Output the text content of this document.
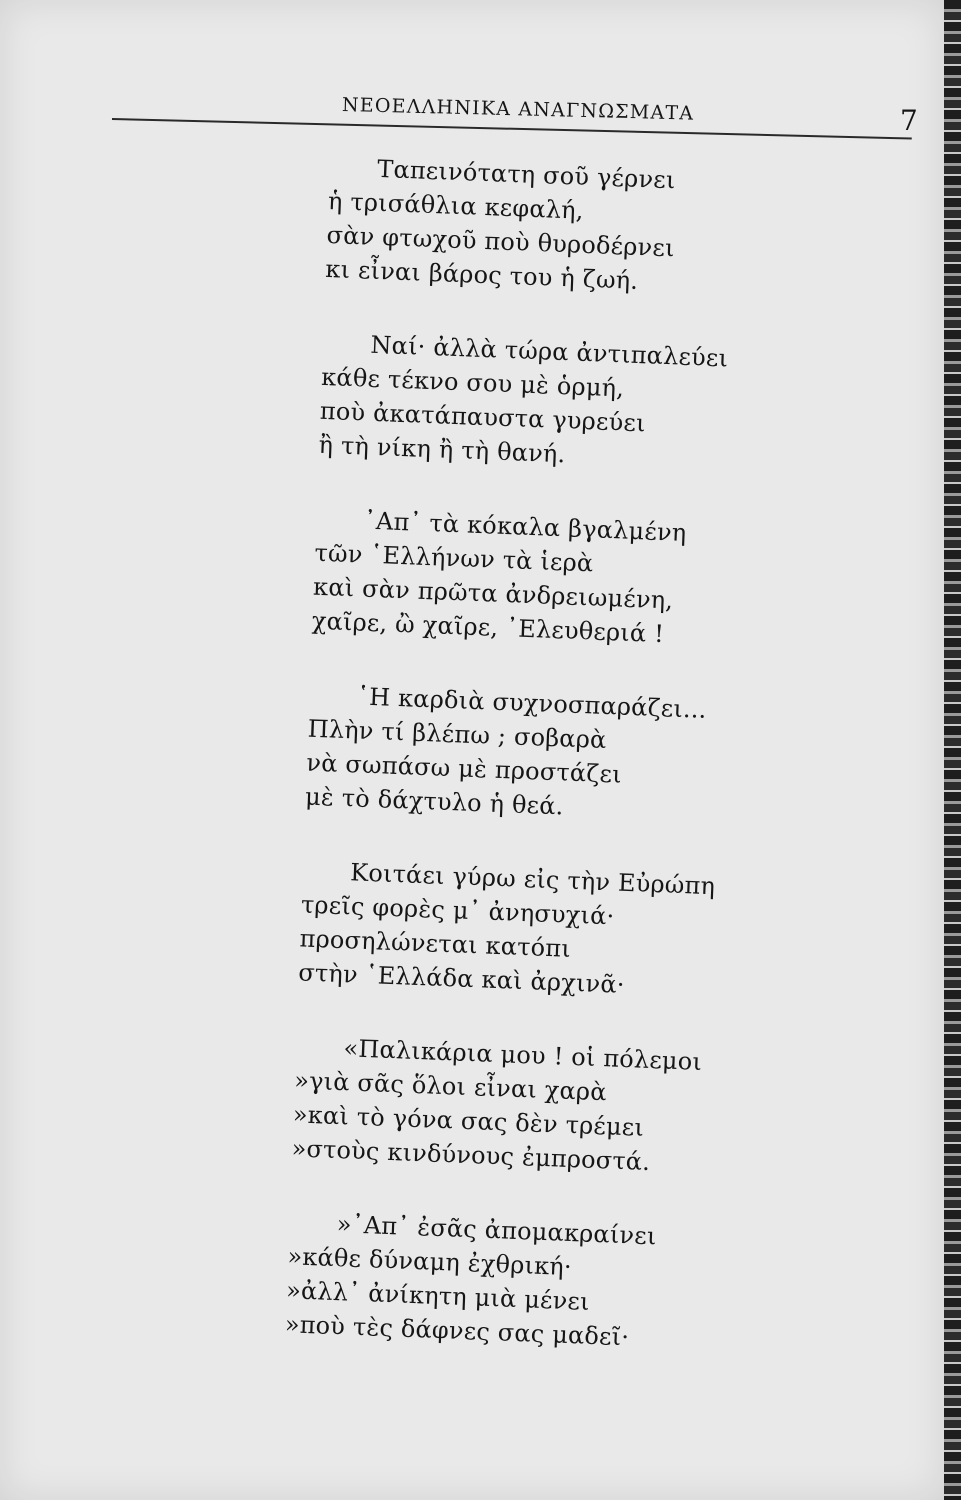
ΝΕΟΕΛΛΗΝΙΚΑ ΑΝΑΓΝΩΣΜΑΤΑ	7
Ταπεινότατη σοῦ γέρνει
ἡ τρισάθλια κεφαλή,
σὰν φτωχοῦ ποὺ θυροδέρνει
κι εἶναι βάρος του ἡ ζωή.
Ναί· ἀλλὰ τώρα ἀντιπαλεύει
κάθε τέκνο σου μὲ ὁρμή,
ποὺ ἀκατάπαυστα γυρεύει
ἢ τὴ νίκη ἢ τὴ θανή.
᾿Απ᾿ τὰ κόκαλα βγαλμένη
τῶν ῾Ελλήνων τὰ ἱερὰ
καὶ σὰν πρῶτα ἀνδρειωμένη,
χαῖρε, ὢ χαῖρε, ᾿Ελευθεριά !
῾Η καρδιὰ συχνοσπαράζει...
Πλὴν τί βλέπω ; σοβαρὰ
νὰ σωπάσω μὲ προστάζει
μὲ τὸ δάχτυλο ἡ θεά.
Κοιτάει γύρω εἰς τὴν Εὐρώπη
τρεῖς φορὲς μ᾿ ἀνησυχιά·
προσηλώνεται κατόπι
στὴν ῾Ελλάδα καὶ ἀρχινᾶ·
«Παλικάρια μου ! οἱ πόλεμοι
»γιὰ σᾶς ὅλοι εἶναι χαρὰ
»καὶ τὸ γόνα σας δὲν τρέμει
»στοὺς κινδύνους ἐμπροστά.
»᾿Απ᾿ ἐσᾶς ἀπομακραίνει
»κάθε δύναμη ἐχθρική·
»ἀλλ᾿ ἀνίκητη μιὰ μένει
»ποὺ τὲς δάφνες σας μαδεῖ·
